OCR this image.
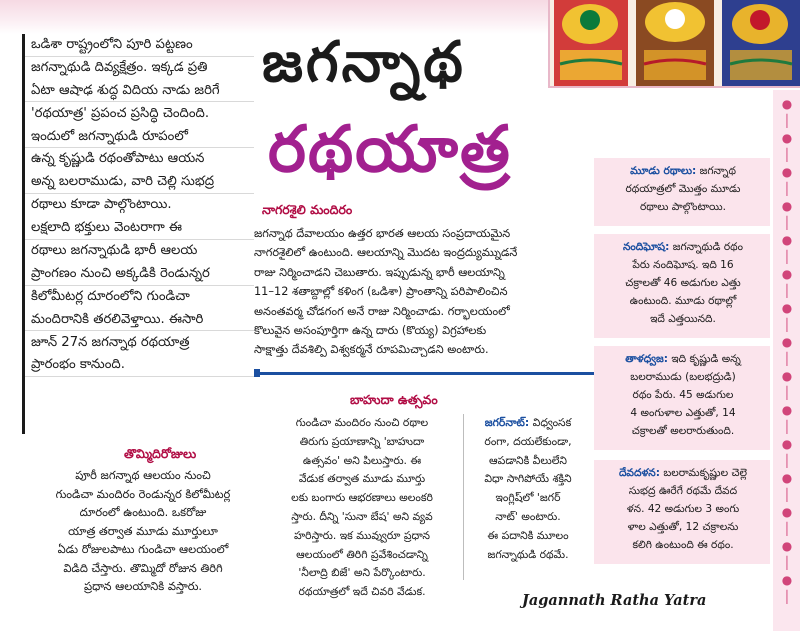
●
│
●
│
●
│
●
│
●
│
●
│
●
│
●
│
●
│
●
│
●
│
●
│
●
│
●
│
●
│
జగన్నాథ
రథయాత్ర
ఒడిశా రాష్ట్రంలోని పూరి పట్టణం
జగన్నాథుడి దివ్యక్షేత్రం. ఇక్కడ ప్రతి
ఏటా ఆషాఢ శుద్ధ విదియ నాడు జరిగే
'రథయాత్ర' ప్రపంచ ప్రసిద్ధి చెందింది.
ఇందులో జగన్నాథుడి రూపంలో
ఉన్న కృష్ణుడి రథంతోపాటు ఆయన
అన్న బలరాముడు, వారి చెల్లి సుభద్ర
రథాలు కూడా పాల్గొంటాయి.
లక్షలాది భక్తులు వెంటరాగా ఈ
రథాలు జగన్నాథుడి భారీ ఆలయ
ప్రాంగణం నుంచి అక్కడికి రెండున్నర
కిలోమీటర్ల దూరంలోని గుండిచా
మందిరానికి తరలివెళ్తాయి. ఈసారి
జూన్ 27న జగన్నాథ రథయాత్ర
ప్రారంభం కానుంది.
తొమ్మిదిరోజులు
పూరీ జగన్నాథ ఆలయం నుంచి
గుండిచా మందిరం రెండున్నర కిలోమీటర్ల
దూరంలో ఉంటుంది. ఒకరోజు
యాత్ర తర్వాత మూడు మూర్తులూ
ఏడు రోజులపాటు గుండిచా ఆలయంలో
విడిది చేస్తారు. తొమ్మిదో రోజున తిరిగి
ప్రధాన ఆలయానికి వస్తారు.
నాగరశైలి మందిరం
జగన్నాథ దేవాలయం ఉత్తర భారత ఆలయ సంప్రదాయమైన
నాగరశైలిలో ఉంటుంది. ఆలయాన్ని మొదట ఇంద్రద్యుమ్నుడనే
రాజు నిర్మించాడని చెబుతారు. ఇప్పుడున్న భారీ ఆలయాన్ని
11–12 శతాబ్దాల్లో కళింగ (ఒడిశా) ప్రాంతాన్ని పరిపాలించిన
అనంతవర్మ చోడగంగ అనే రాజు నిర్మించాడు. గర్భాలయంలో
కొలువైన అసంపూర్తిగా ఉన్న దారు (కొయ్య) విగ్రహాలకు
సాక్షాత్తు దేవశిల్పి విశ్వకర్మనే రూపమిచ్చాడని అంటారు.
బాహుదా ఉత్సవం
గుండిచా మందిరం నుంచి రథాల
తిరుగు ప్రయాణాన్ని 'బాహుదా
ఉత్సవం' అని పిలుస్తారు. ఈ
వేడుక తర్వాత మూడు మూర్తు
లకు బంగారు ఆభరణాలు అలంకరి
స్తారు. దీన్ని 'సునా బేష' అని వ్యవ
హరిస్తారు. ఇక మువ్వురూ ప్రధాన
ఆలయంలో తిరిగి ప్రవేశించడాన్ని
'నీలాద్రి బిజే' అని పేర్కొంటారు.
రథయాత్రలో ఇదే చివరి వేడుక.
జగర్‌నాట్: విధ్వంసక
రంగా, దయలేకుండా,
ఆపడానికి వీలులేని
విధా సాగిపోయే శక్తిని
ఇంగ్లిష్‌లో 'జగర్
నాట్' అంటారు.
ఈ పదానికి మూలం
జగన్నాథుడి రథమే.
మూడు రథాలు: జగన్నాథ
రథయాత్రలో మొత్తం మూడు
రథాలు పాల్గొంటాయి.
నందిఘోష: జగన్నాథుడి రథం
పేరు నందిఘోష. ఇది 16
చక్రాలతో 46 అడుగుల ఎత్తు
ఉంటుంది. మూడు రథాల్లో
ఇదే ఎత్తయినది.
తాళధ్వజ: ఇది కృష్ణుడి అన్న
బలరాముడు (బలభద్రుడి)
రథం పేరు. 45 అడుగుల
4 అంగుళాల ఎత్తుతో, 14
చక్రాలతో అలరారుతుంది.
దేవదళన: బలరామకృష్ణుల చెల్లె
సుభద్ర ఊరేగే రథమే దేవద
ళన. 42 అడుగుల 3 అంగు
ళాల ఎత్తుతో, 12 చక్రాలను
కలిగి ఉంటుంది ఈ రథం.
Jagannath Ratha Yatra
